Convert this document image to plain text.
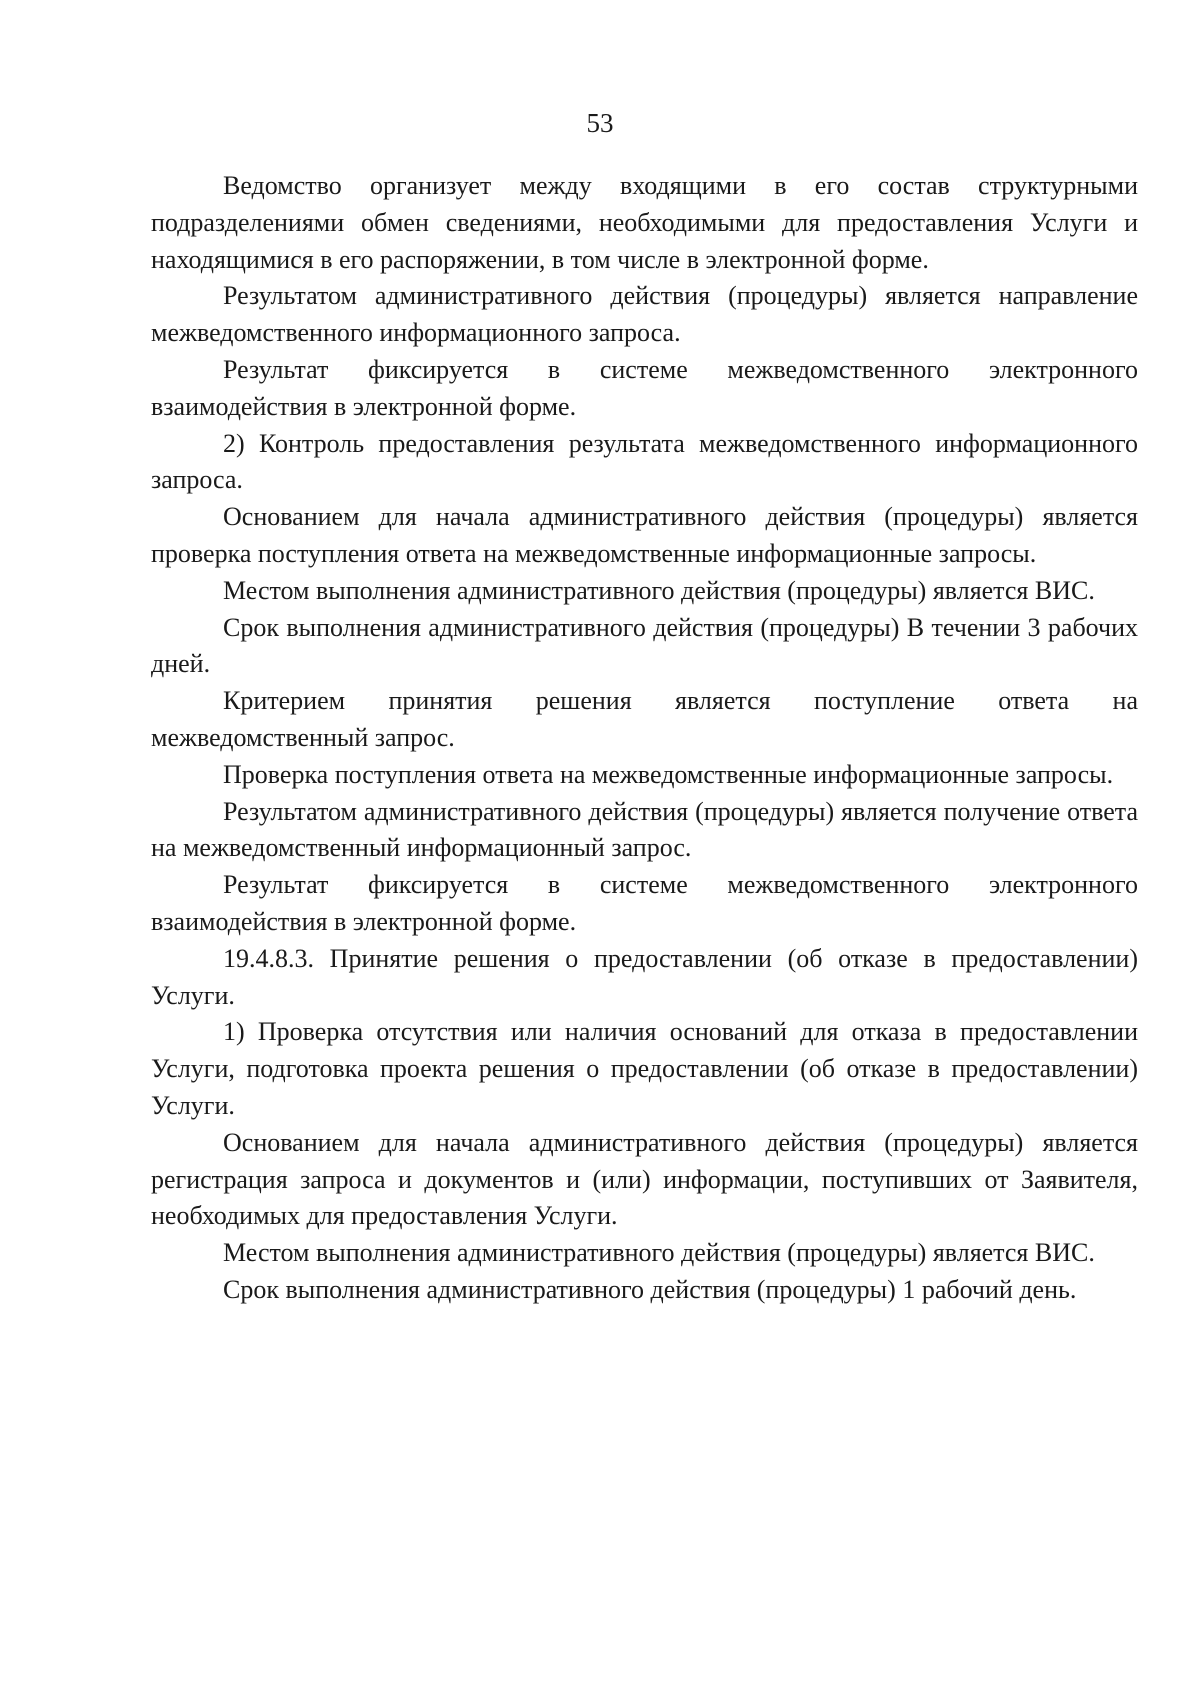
53

Ведомство организует между входящими в его состав структурными подразделениями обмен сведениями, необходимыми для предоставления Услуги и находящимися в его распоряжении, в том числе в электронной форме.

Результатом административного действия (процедуры) является направление межведомственного информационного запроса.

Результат фиксируется в системе межведомственного электронного взаимодействия в электронной форме.

2) Контроль предоставления результата межведомственного информационного запроса.

Основанием для начала административного действия (процедуры) является проверка поступления ответа на межведомственные информационные запросы.

Местом выполнения административного действия (процедуры) является ВИС.

Срок выполнения административного действия (процедуры) В течении 3 рабочих дней.

Критерием принятия решения является поступление ответа на межведомственный запрос.

Проверка поступления ответа на межведомственные информационные запросы.

Результатом административного действия (процедуры) является получение ответа на межведомственный информационный запрос.

Результат фиксируется в системе межведомственного электронного взаимодействия в электронной форме.

19.4.8.3. Принятие решения о предоставлении (об отказе в предоставлении) Услуги.

1) Проверка отсутствия или наличия оснований для отказа в предоставлении Услуги, подготовка проекта решения о предоставлении (об отказе в предоставлении) Услуги.

Основанием для начала административного действия (процедуры) является регистрация запроса и документов и (или) информации, поступивших от Заявителя, необходимых для предоставления Услуги.

Местом выполнения административного действия (процедуры) является ВИС.

Срок выполнения административного действия (процедуры) 1 рабочий день.
